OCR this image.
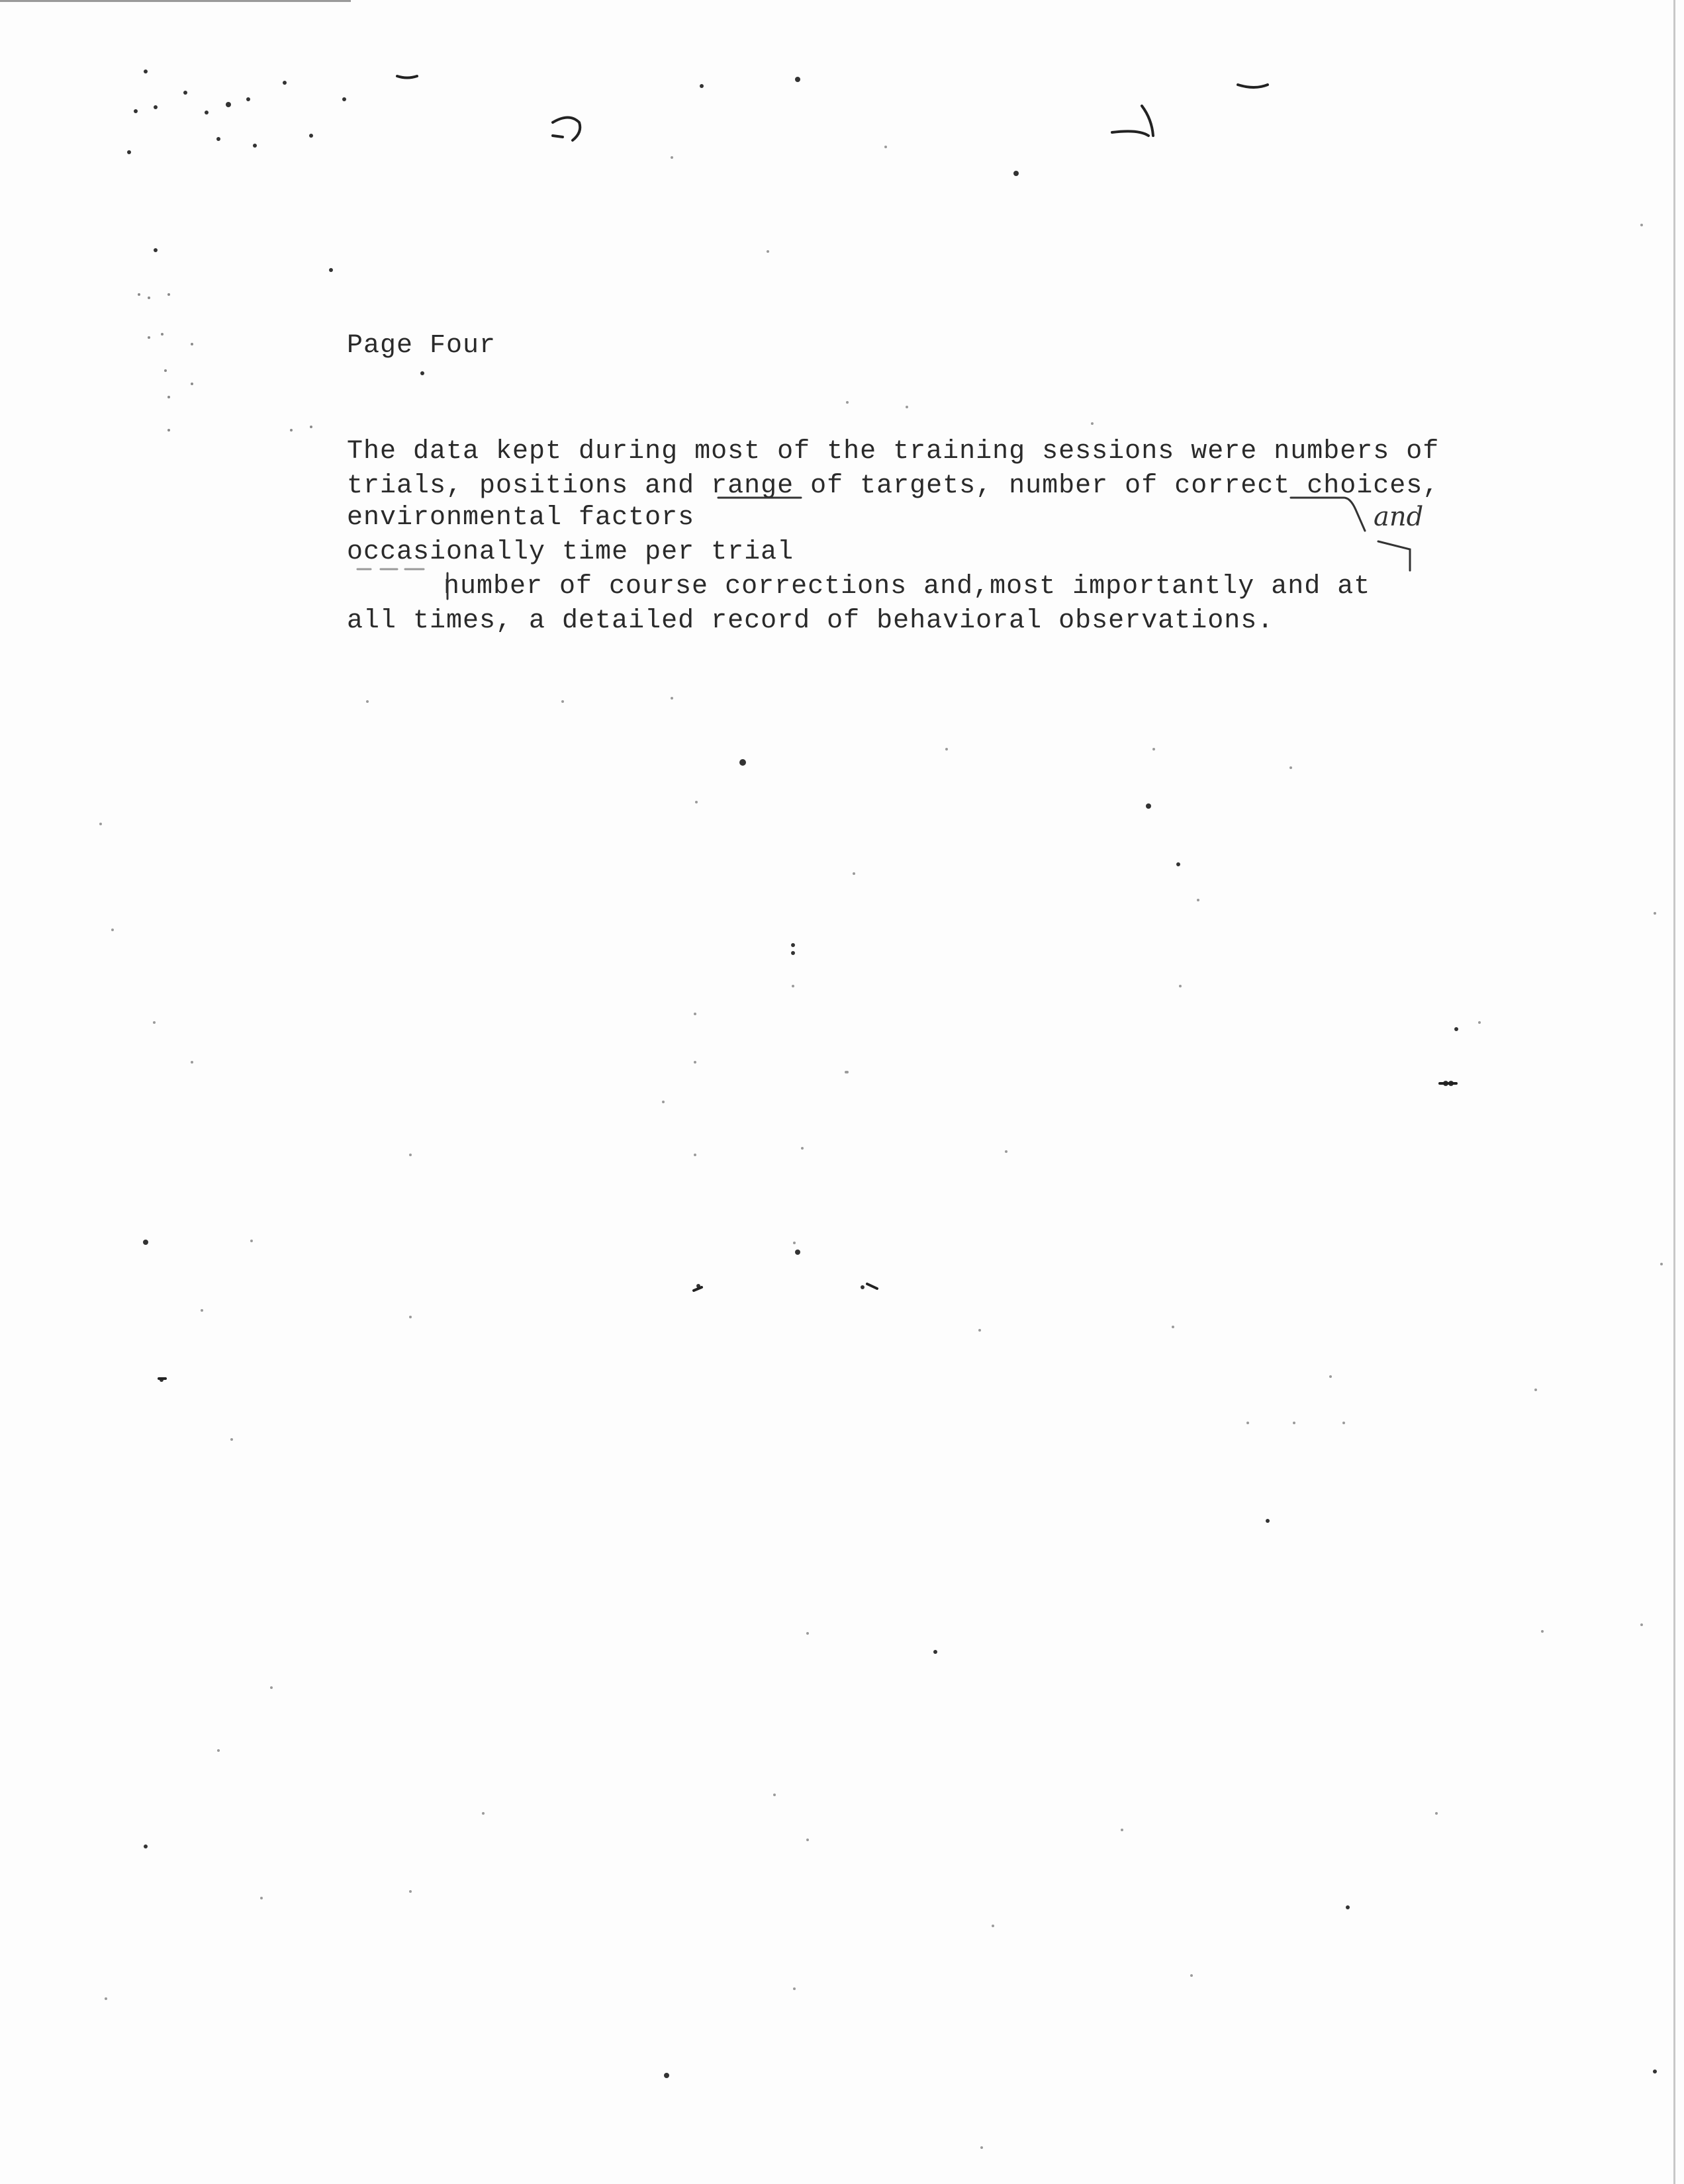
Page Four
The data kept during most of the training sessions were numbers of
trials, positions and range of targets, number of correct choices,
environmental factors
occasionally time per trial
number of course corrections and,most importantly and at
all times, a detailed record of behavioral observations.
and
